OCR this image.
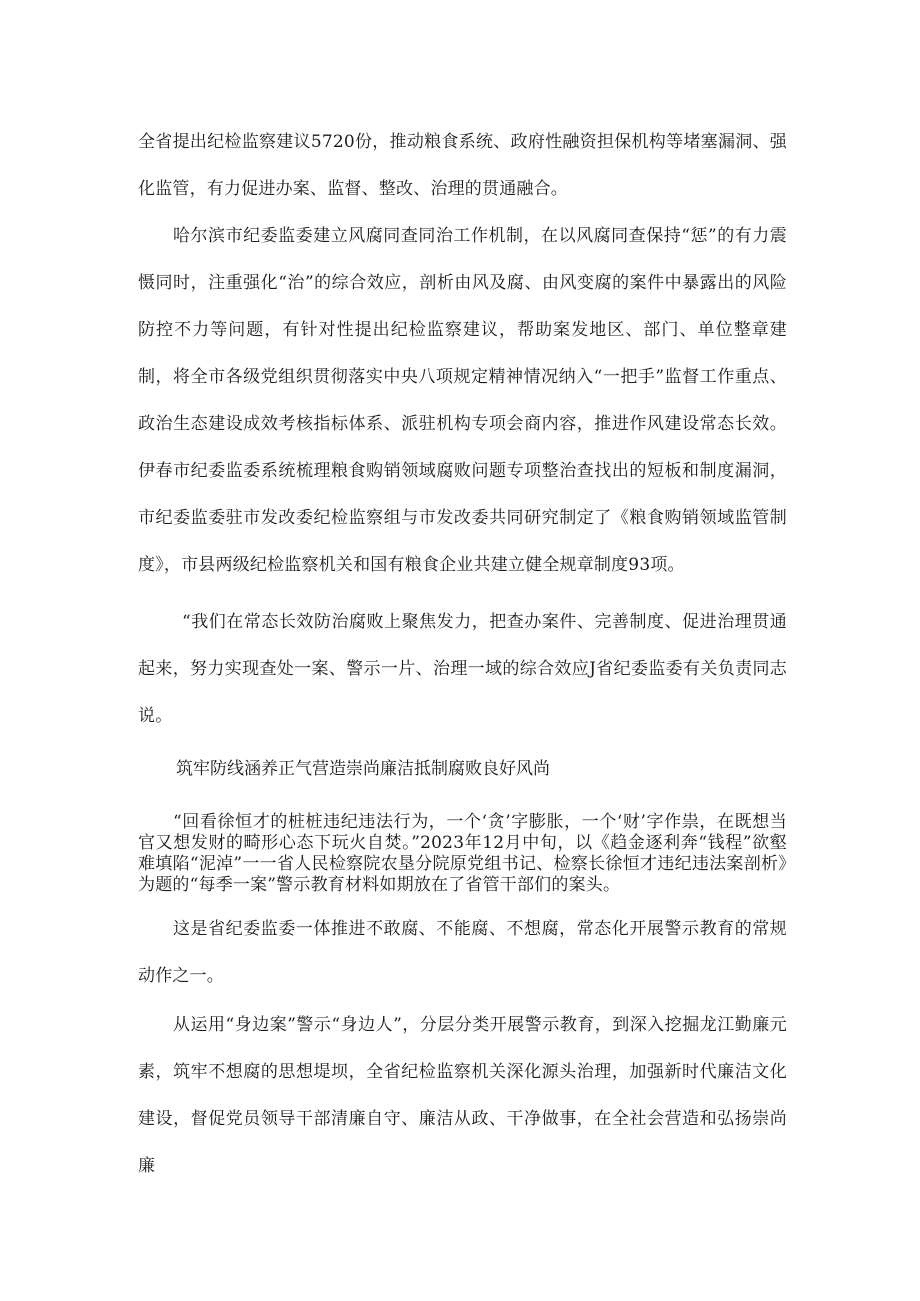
全省提出纪检监察建议5720份，推动粮食系统、政府性融资担保机构等堵塞漏洞、强化监管，有力促进办案、监督、整改、治理的贯通融合。

哈尔滨市纪委监委建立风腐同查同治工作机制，在以风腐同查保持“惩”的有力震慑同时，注重强化“治”的综合效应，剖析由风及腐、由风变腐的案件中暴露出的风险防控不力等问题，有针对性提出纪检监察建议，帮助案发地区、部门、单位整章建制，将全市各级党组织贯彻落实中央八项规定精神情况纳入“一把手”监督工作重点、政治生态建设成效考核指标体系、派驻机构专项会商内容，推进作风建设常态长效。伊春市纪委监委系统梳理粮食购销领域腐败问题专项整治查找出的短板和制度漏洞，市纪委监委驻市发改委纪检监察组与市发改委共同研究制定了《粮食购销领域监管制度》，市县两级纪检监察机关和国有粮食企业共建立健全规章制度93项。

“我们在常态长效防治腐败上聚焦发力，把查办案件、完善制度、促进治理贯通起来，努力实现查处一案、警示一片、治理一域的综合效应J省纪委监委有关负责同志说。

筑牢防线涵养正气营造崇尚廉洁抵制腐败良好风尚

“回看徐恒才的桩桩违纪违法行为，一个‘贪’字膨胀，一个‘财’字作祟，在既想当官又想发财的畸形心态下玩火自焚。”2023年12月中旬，以《趋金逐利奔“钱程”欲壑难填陷“泥淖”一一省人民检察院农垦分院原党组书记、检察长徐恒才违纪违法案剖析》为题的“每季一案”警示教育材料如期放在了省管干部们的案头。

这是省纪委监委一体推进不敢腐、不能腐、不想腐，常态化开展警示教育的常规动作之一。

从运用“身边案”警示“身边人”，分层分类开展警示教育，到深入挖掘龙江勤廉元素，筑牢不想腐的思想堤坝，全省纪检监察机关深化源头治理，加强新时代廉洁文化建设，督促党员领导干部清廉自守、廉洁从政、干净做事，在全社会营造和弘扬崇尚廉
